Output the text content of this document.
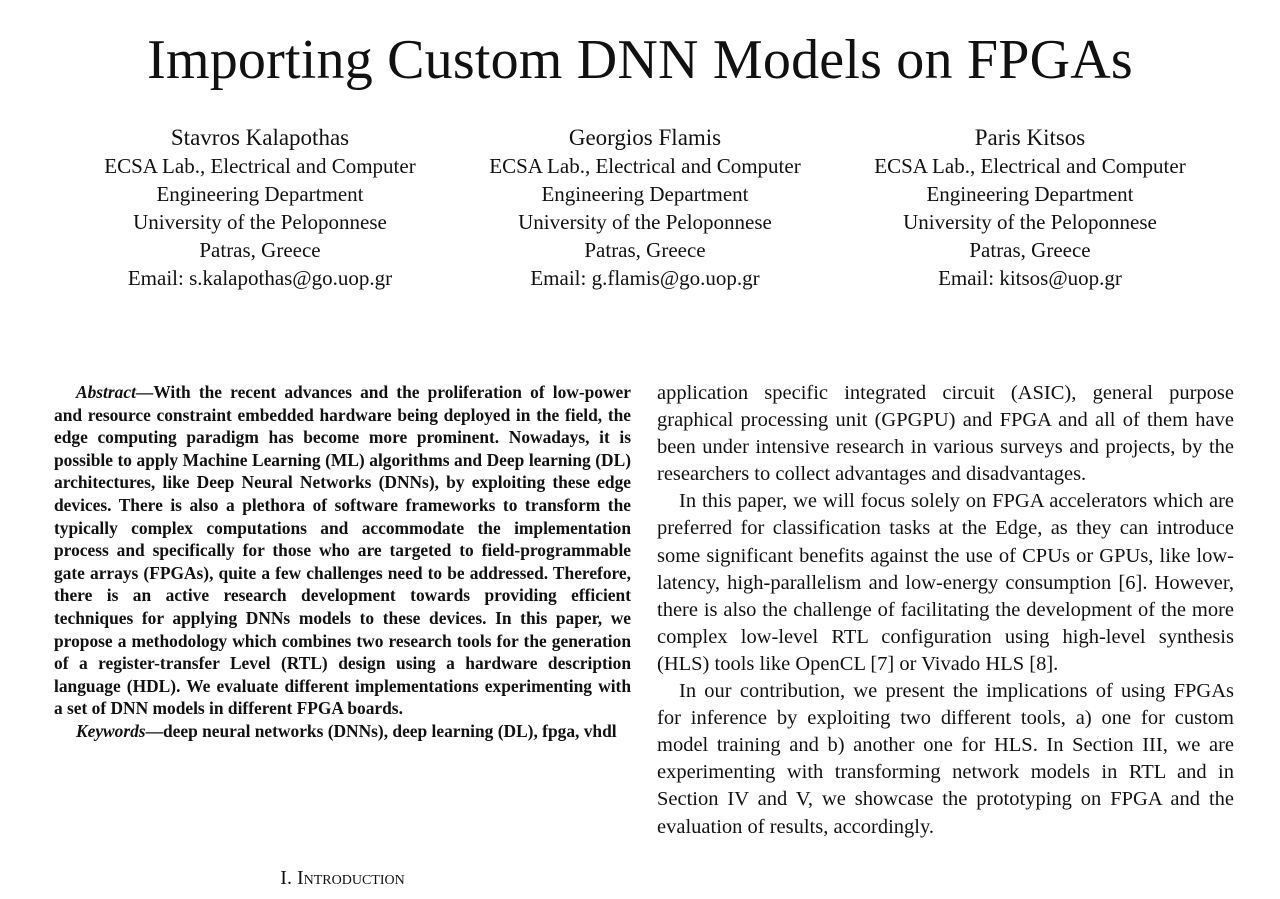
Importing Custom DNN Models on FPGAs
Stavros Kalapothas
ECSA Lab., Electrical and Computer
Engineering Department
University of the Peloponnese
Patras, Greece
Email: s.kalapothas@go.uop.gr
Georgios Flamis
ECSA Lab., Electrical and Computer
Engineering Department
University of the Peloponnese
Patras, Greece
Email: g.flamis@go.uop.gr
Paris Kitsos
ECSA Lab., Electrical and Computer
Engineering Department
University of the Peloponnese
Patras, Greece
Email: kitsos@uop.gr

Abstract—With the recent advances and the proliferation of low-power and resource constraint embedded hardware being deployed in the field, the edge computing paradigm has become more prominent. Nowadays, it is possible to apply Machine Learning (ML) algorithms and Deep learning (DL) architectures, like Deep Neural Networks (DNNs), by exploiting these edge devices. There is also a plethora of software frameworks to transform the typically complex computations and accommodate the implementation process and specifically for those who are targeted to field-programmable gate arrays (FPGAs), quite a few challenges need to be addressed. Therefore, there is an active research development towards providing efficient techniques for applying DNNs models to these devices. In this paper, we propose a methodology which combines two research tools for the generation of a register-transfer Level (RTL) design using a hardware description language (HDL). We evaluate different implementations experimenting with a set of DNN models in different FPGA boards.

Keywords—deep neural networks (DNNs), deep learning (DL), fpga, vhdl

I. Introduction

application specific integrated circuit (ASIC), general purpose graphical processing unit (GPGPU) and FPGA and all of them have been under intensive research in various surveys and projects, by the researchers to collect advantages and disadvantages.

In this paper, we will focus solely on FPGA accelerators which are preferred for classification tasks at the Edge, as they can introduce some significant benefits against the use of CPUs or GPUs, like low-latency, high-parallelism and low-energy consumption [6]. However, there is also the challenge of facilitating the development of the more complex low-level RTL configuration using high-level synthesis (HLS) tools like OpenCL [7] or Vivado HLS [8].

In our contribution, we present the implications of using FPGAs for inference by exploiting two different tools, a) one for custom model training and b) another one for HLS. In Section III, we are experimenting with transforming network models in RTL and in Section IV and V, we showcase the prototyping on FPGA and the evaluation of results, accordingly.
